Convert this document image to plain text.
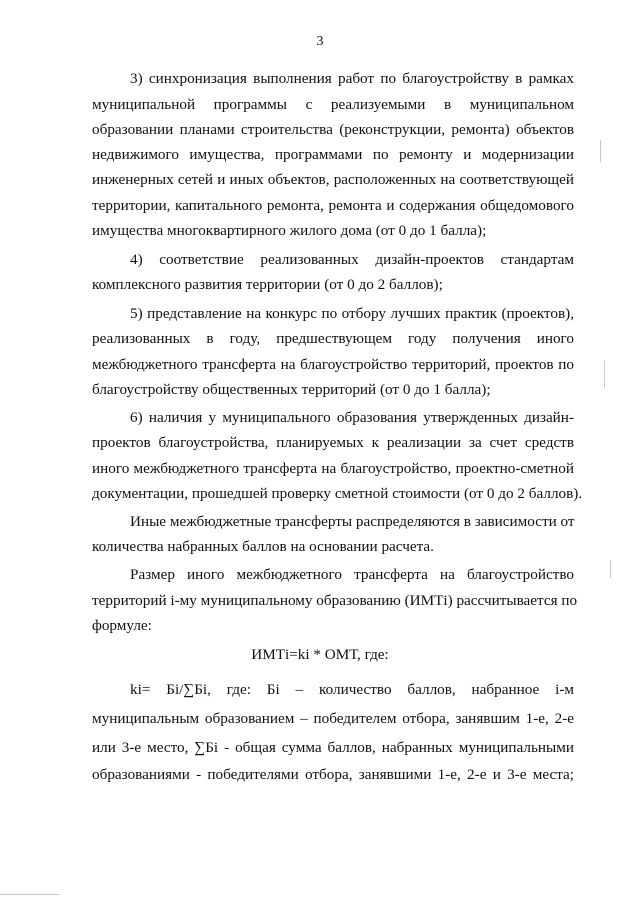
3
3) синхронизация выполнения работ по благоустройству в рамках
муниципальной программы с реализуемыми в муниципальном
образовании планами строительства (реконструкции, ремонта) объектов
недвижимого имущества, программами по ремонту и модернизации
инженерных сетей и иных объектов, расположенных на соответствующей
территории, капитального ремонта, ремонта и содержания общедомового
имущества многоквартирного жилого дома (от 0 до 1 балла);
4) соответствие реализованных дизайн-проектов стандартам
комплексного развития территории (от 0 до 2 баллов);
5) представление на конкурс по отбору лучших практик (проектов),
реализованных в году, предшествующем году получения иного
межбюджетного трансферта на благоустройство территорий, проектов по
благоустройству общественных территорий (от 0 до 1 балла);
6) наличия у муниципального образования утвержденных дизайн-
проектов благоустройства, планируемых к реализации за счет средств
иного межбюджетного трансферта на благоустройство, проектно-сметной
документации, прошедшей проверку сметной стоимости (от 0 до 2 баллов).
Иные межбюджетные трансферты распределяются в зависимости от
количества набранных баллов на основании расчета.
Размер иного межбюджетного трансферта на благоустройство
территорий i-му муниципальному образованию (ИМТi) рассчитывается по
формуле:
ИМТi=ki * ОМТ, где:
ki= Бi/∑Бi, где: Бi – количество баллов, набранное i-м
муниципальным образованием – победителем отбора, занявшим 1-е, 2-е
или 3-е место, ∑Бi - общая сумма баллов, набранных муниципальными
образованиями - победителями отбора, занявшими 1-е, 2-е и 3-е места;
